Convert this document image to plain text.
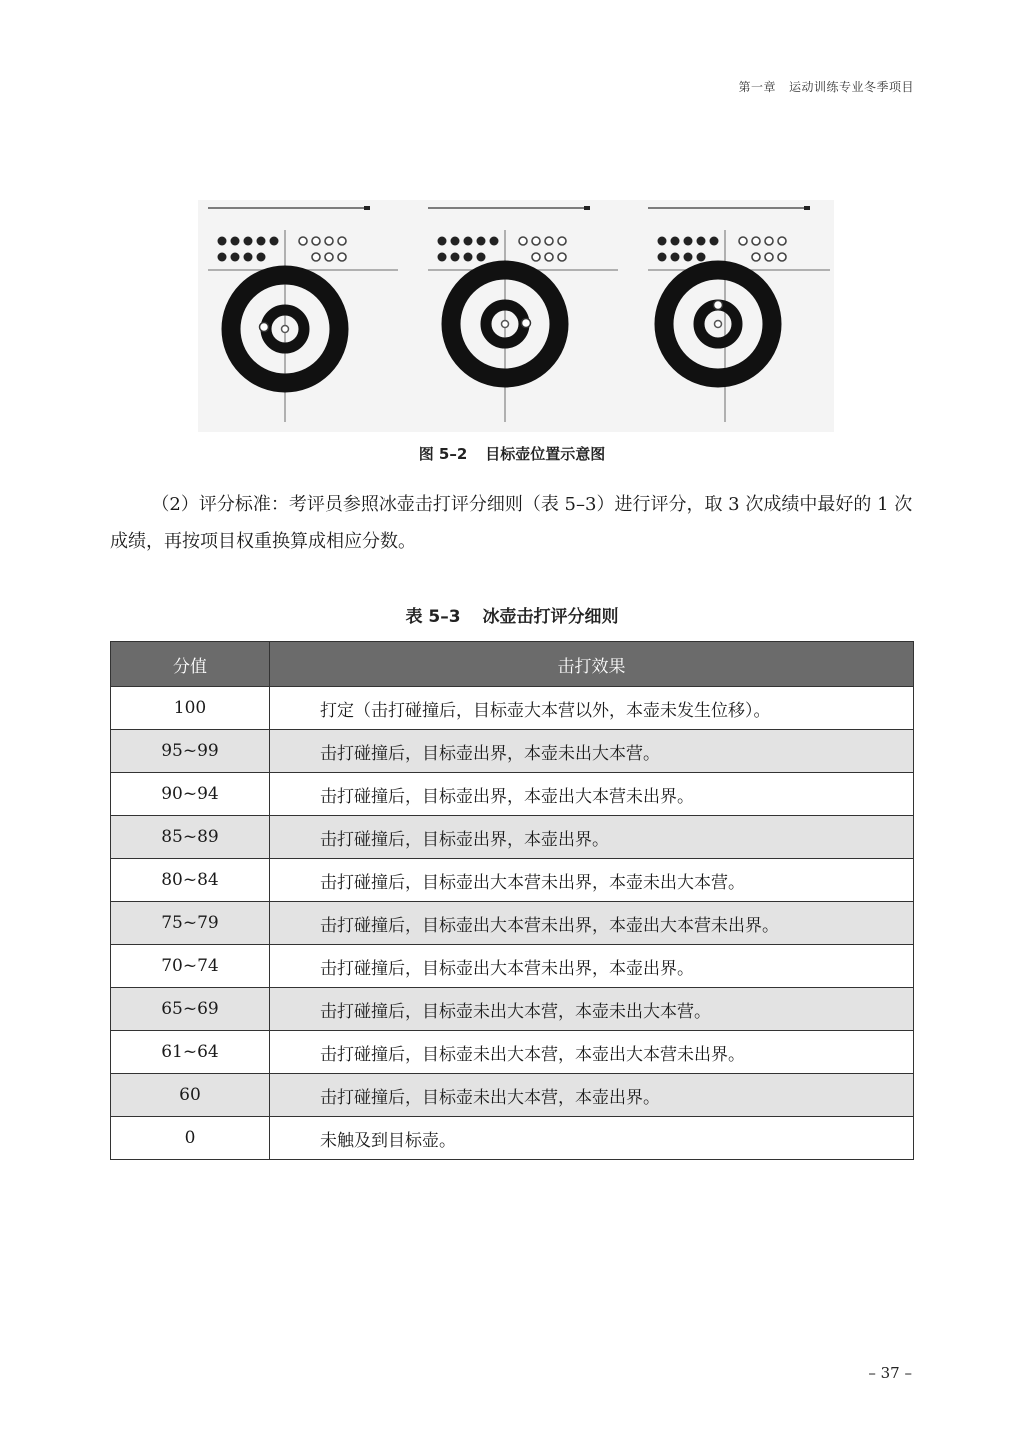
第一章 运动训练专业冬季项目
图 5–2 目标壶位置示意图

（2）评分标准：考评员参照冰壶击打评分细则（表 5–3）进行评分，取 3 次成绩中最好的 1 次成绩，再按项目权重换算成相应分数。

表 5–3 冰壶击打评分细则
分值	击打效果
100	打定（击打碰撞后，目标壶大本营以外，本壶未发生位移）。
95~99	击打碰撞后，目标壶出界，本壶未出大本营。
90~94	击打碰撞后，目标壶出界，本壶出大本营未出界。
85~89	击打碰撞后，目标壶出界，本壶出界。
80~84	击打碰撞后，目标壶出大本营未出界，本壶未出大本营。
75~79	击打碰撞后，目标壶出大本营未出界，本壶出大本营未出界。
70~74	击打碰撞后，目标壶出大本营未出界，本壶出界。
65~69	击打碰撞后，目标壶未出大本营，本壶未出大本营。
61~64	击打碰撞后，目标壶未出大本营，本壶出大本营未出界。
60	击打碰撞后，目标壶未出大本营，本壶出界。
0	未触及到目标壶。
– 37 –
